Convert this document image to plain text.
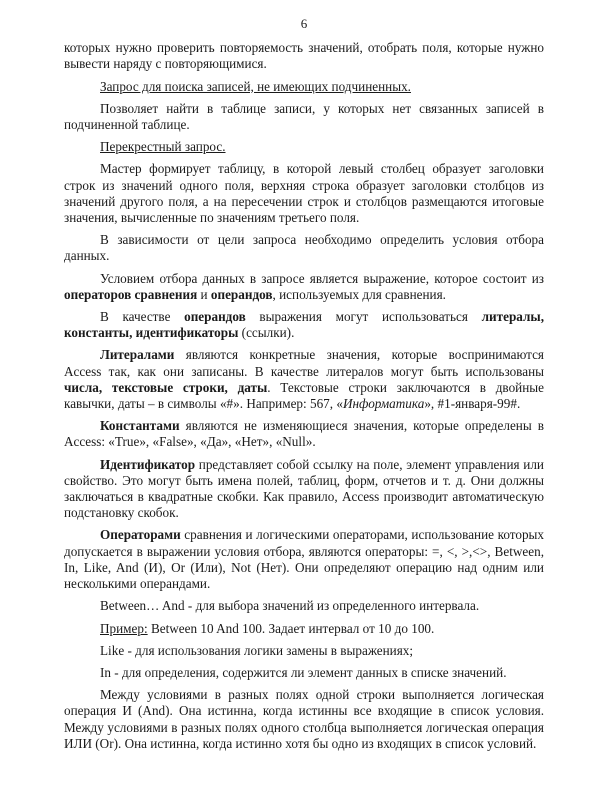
6

которых нужно проверить повторяемость значений, отобрать поля, которые нужно вывести наряду с повторяющимися.

Запрос для поиска записей, не имеющих подчиненных.

Позволяет найти в таблице записи, у которых нет связанных записей в подчиненной таблице.

Перекрестный запрос.

Мастер формирует таблицу, в которой левый столбец образует заголовки строк из значений одного поля, верхняя строка образует заголовки столбцов из значений другого поля, а на пересечении строк и столбцов размещаются итоговые значения, вычисленные по значениям третьего поля.

В зависимости от цели запроса необходимо определить условия отбора данных.

Условием отбора данных в запросе является выражение, которое состоит из операторов сравнения и операндов, используемых для сравнения.

В качестве операндов выражения могут использоваться литералы, константы, идентификаторы (ссылки).

Литералами являются конкретные значения, которые воспринимаются Access так, как они записаны. В качестве литералов могут быть использованы числа, текстовые строки, даты. Текстовые строки заключаются в двойные кавычки, даты – в символы «#». Например: 567, «Информатика», #1-января-99#.

Константами являются не изменяющиеся значения, которые определены в Access: «True», «False», «Да», «Нет», «Null».

Идентификатор представляет собой ссылку на поле, элемент управления или свойство. Это могут быть имена полей, таблиц, форм, отчетов и т. д. Они должны заключаться в квадратные скобки. Как правило, Access производит автоматическую подстановку скобок.

Операторами сравнения и логическими операторами, использование которых допускается в выражении условия отбора, являются операторы: =, <, >,<>, Between, In, Like, And (И), Or (Или), Not (Нет). Они определяют операцию над одним или несколькими операндами.

Between… And - для выбора значений из определенного интервала.

Пример: Between 10 And 100. Задает интервал от 10 до 100.

Like - для использования логики замены в выражениях;

In - для определения, содержится ли элемент данных в списке значений.

Между условиями в разных полях одной строки выполняется логическая операция И (And). Она истинна, когда истинны все входящие в список условия. Между условиями в разных полях одного столбца выполняется логическая операция ИЛИ (Or). Она истинна, когда истинно хотя бы одно из входящих в список условий.
